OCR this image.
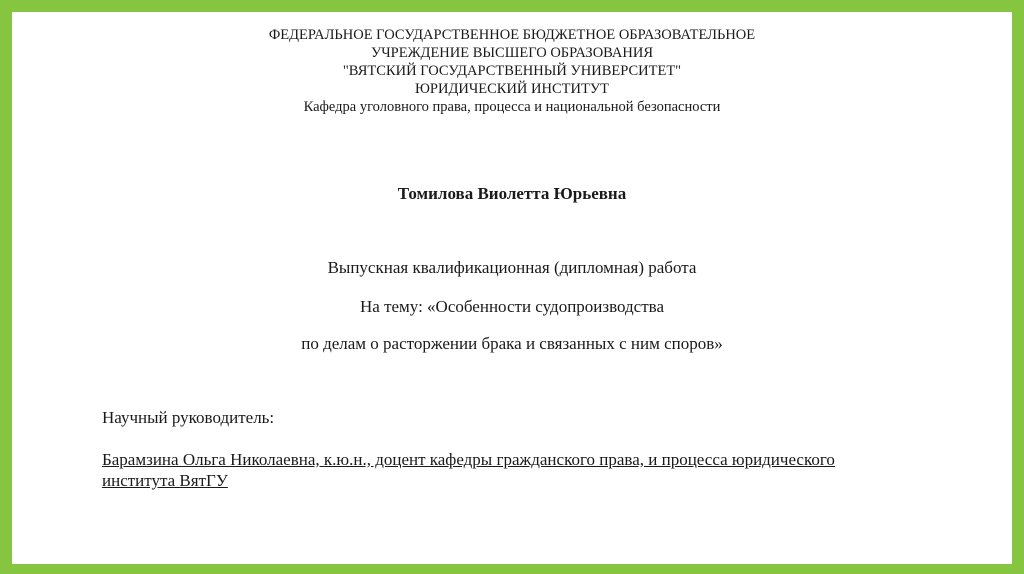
ФЕДЕРАЛЬНОЕ ГОСУДАРСТВЕННОЕ БЮДЖЕТНОЕ ОБРАЗОВАТЕЛЬНОЕ
УЧРЕЖДЕНИЕ ВЫСШЕГО ОБРАЗОВАНИЯ
"ВЯТСКИЙ ГОСУДАРСТВЕННЫЙ УНИВЕРСИТЕТ"
ЮРИДИЧЕСКИЙ ИНСТИТУТ
Кафедра уголовного права, процесса и национальной безопасности
Томилова Виолетта Юрьевна
Выпускная квалификационная (дипломная) работа
На тему: «Особенности судопроизводства
по делам о расторжении брака и связанных с ним споров»
Научный руководитель:
Барамзина Ольга Николаевна, к.ю.н., доцент кафедры гражданского права, и процесса юридического института ВятГУ
